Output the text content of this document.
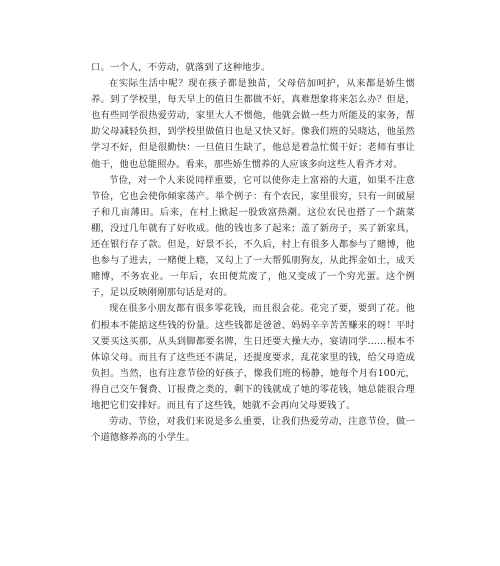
口。一个人，不劳动，就落到了这种地步。

在实际生活中呢？现在孩子都是独苗，父母倍加呵护，从来都是娇生惯养。到了学校里，每天早上的值日生都做不好，真难想象将来怎么办？但是，也有些同学很热爱劳动，家里大人不惯他，他就会做一些力所能及的家务，帮助父母减轻负担，到学校里做值日也是又快又好。像我们班的吴晓达，他虽然学习不好，但是很勤快：一旦值日生缺了，他总是着急忙慌干好；老师有事让他干，他也总能照办。看来，那些娇生惯养的人应该多向这些人看齐才对。

节俭，对一个人来说同样重要，它可以使你走上富裕的大道，如果不注意节俭，它也会使你倾家荡产。举个例子：有个农民，家里很穷，只有一间破屋子和几亩薄田。后来，在村上掀起一股致富热潮。这位农民也搭了一个蔬菜棚，没过几年就有了好收成。他的钱也多了起来；盖了新房子，买了新家具，还在银行存了款。但是，好景不长，不久后，村上有很多人都参与了赌博，他也参与了进去，一赌便上瘾，又勾上了一大帮狐朋狗友，从此挥金如土，成天赌博，不务农业。一年后，农田便荒废了，他又变成了一个穷光蛋。这个例子，足以反映刚刚那句话是对的。

现在很多小朋友都有很多零花钱，而且很会花。花完了要，要到了花。他们根本不能掂这些钱的份量。这些钱都是爸爸、妈妈辛辛苦苦赚来的呀！平时又要买这买那，从头到脚都要名牌，生日还要大操大办，宴请同学……根本不体谅父母。而且有了这些还不满足，还提度要求，乱花家里的钱，给父母造成负担。当然，也有注意节俭的好孩子，像我们班的杨静，她每个月有100元，得自己交午餐费、订报费之类的，剩下的钱就成了她的零花钱，她总能很合理地把它们安排好。而且有了这些钱，她就不会再向父母要钱了。

劳动、节俭，对我们来说是多么重要，让我们热爱劳动，注意节俭，做一个道德修养高的小学生。
